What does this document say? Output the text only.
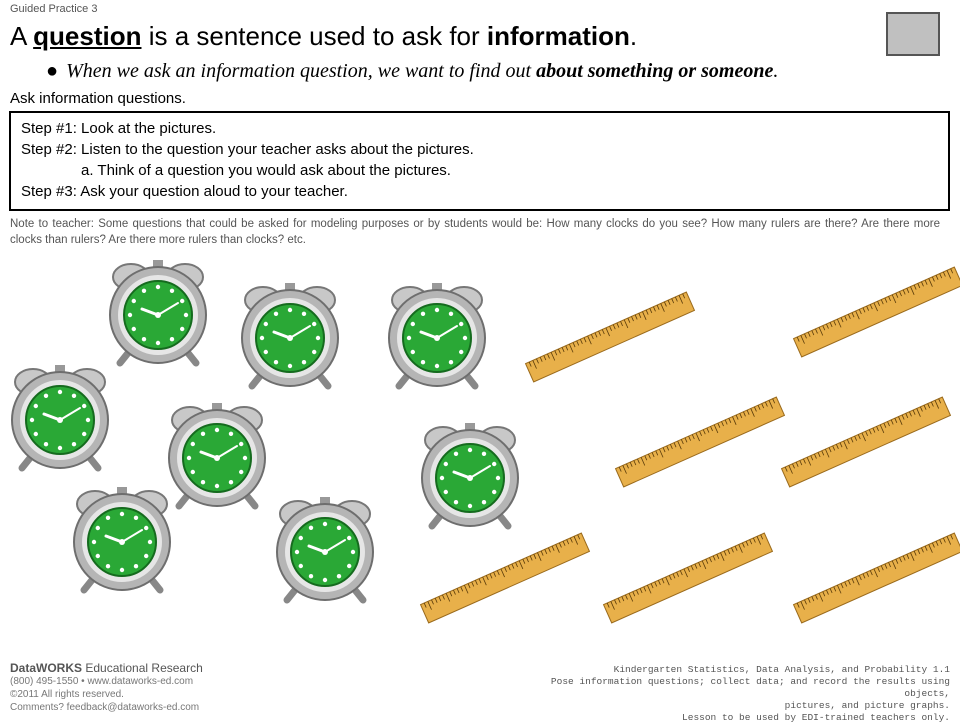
Guided Practice 3
A question is a sentence used to ask for information.
● When we ask an information question, we want to find out about something or someone.
Ask information questions.
Step #1: Look at the pictures.
Step #2: Listen to the question your teacher asks about the pictures.
a. Think of a question you would ask about the pictures.
Step #3: Ask your question aloud to your teacher.
Note to teacher: Some questions that could be asked for modeling purposes or by students would be: How many clocks do you see? How many rulers are there? Are there more clocks than rulers? Are there more rulers than clocks? etc.
DataWORKS Educational Research
(800) 495-1550 • www.dataworks-ed.com
©2011 All rights reserved.
Comments? feedback@dataworks-ed.com
Kindergarten Statistics, Data Analysis, and Probability 1.1
Pose information questions; collect data; and record the results using objects,
pictures, and picture graphs.
Lesson to be used by EDI-trained teachers only.
